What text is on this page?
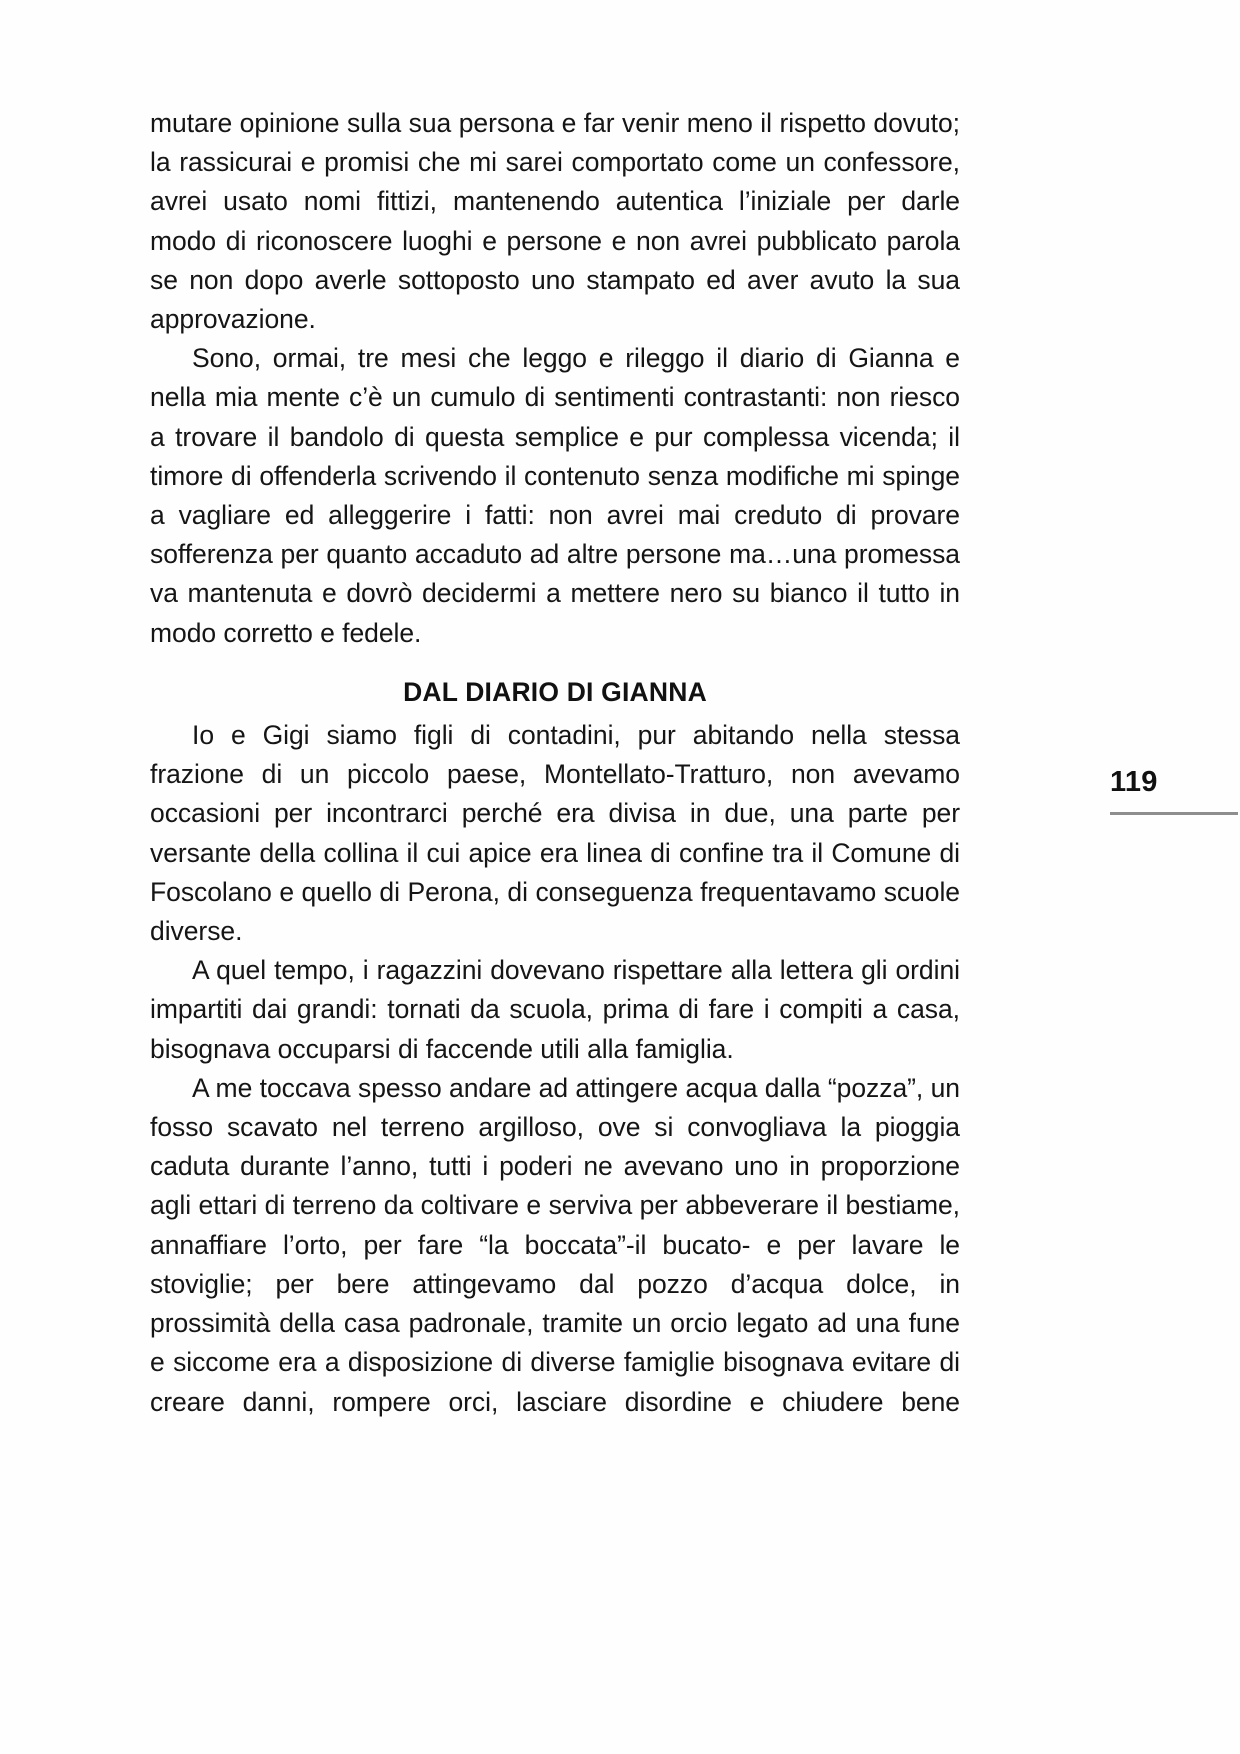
mutare opinione sulla sua persona e far venir meno il rispetto dovuto; la rassicurai e promisi che mi sarei comportato come un confessore, avrei usato nomi fittizi, mantenendo autentica l’iniziale per darle modo di riconoscere luoghi e persone e non avrei pubblicato parola se non dopo averle sottoposto uno stampato ed aver avuto la sua approvazione.

Sono, ormai, tre mesi che leggo e rileggo il diario di Gianna e nella mia mente c’è un cumulo di sentimenti contrastanti: non riesco a trovare il bandolo di questa semplice e pur complessa vicenda; il timore di offenderla scrivendo il contenuto senza modifiche mi spinge a vagliare ed alleggerire i fatti: non avrei mai creduto di provare sofferenza per quanto accaduto ad altre persone ma…una promessa va mantenuta e dovrò decidermi a mettere nero su bianco il tutto in modo corretto e fedele.

DAL DIARIO DI GIANNA

Io e Gigi siamo figli di contadini, pur abitando nella stessa frazione di un piccolo paese, Montellato-Tratturo, non avevamo occasioni per incontrarci perché era divisa in due, una parte per versante della collina il cui apice era linea di confine tra il Comune di Foscolano e quello di Perona, di conseguenza frequentavamo scuole diverse.

A quel tempo, i ragazzini dovevano rispettare alla lettera gli ordini impartiti dai grandi: tornati da scuola, prima di fare i compiti a casa, bisognava occuparsi di faccende utili alla famiglia.

A me toccava spesso andare ad attingere acqua dalla “pozza”, un fosso scavato nel terreno argilloso, ove si convogliava la pioggia caduta durante l’anno, tutti i poderi ne avevano uno in proporzione agli ettari di terreno da coltivare e serviva per abbeverare il bestiame, annaffiare l’orto, per fare “la boccata”-il bucato- e per lavare le stoviglie; per bere attingevamo dal pozzo d’acqua dolce, in prossimità della casa padronale, tramite un orcio legato ad una fune e siccome era a disposizione di diverse famiglie bisognava evitare di creare danni, rompere orci, lasciare disordine e chiudere bene

119
